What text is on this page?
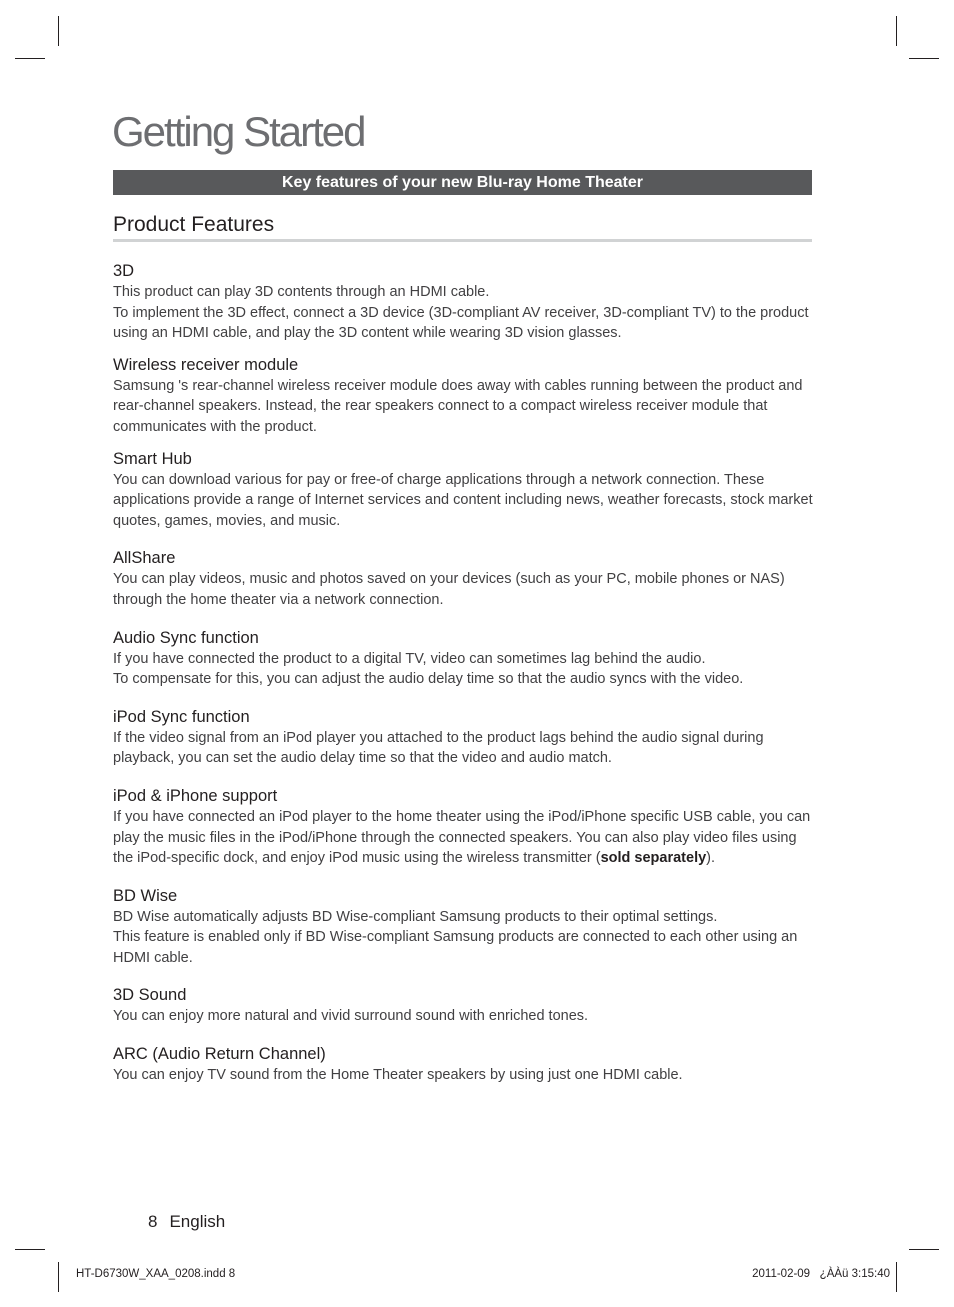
Getting Started
Key features of your new Blu-ray Home Theater
Product Features
3D

This product can play 3D contents through an HDMI cable.

To implement the 3D effect, connect a 3D device (3D-compliant AV receiver, 3D-compliant TV) to the product using an HDMI cable, and play the 3D content while wearing 3D vision glasses.

Wireless receiver module

Samsung 's rear-channel wireless receiver module does away with cables running between the product and rear-channel speakers. Instead, the rear speakers connect to a compact wireless receiver module that communicates with the product.

Smart Hub

You can download various for pay or free-of charge applications through a network connection. These applications provide a range of Internet services and content including news, weather forecasts, stock market quotes, games, movies, and music.

AllShare

You can play videos, music and photos saved on your devices (such as your PC, mobile phones or NAS) through the home theater via a network connection.

Audio Sync function

If you have connected the product to a digital TV, video can sometimes lag behind the audio.

To compensate for this, you can adjust the audio delay time so that the audio syncs with the video.

iPod Sync function

If the video signal from an iPod player you attached to the product lags behind the audio signal during playback, you can set the audio delay time so that the video and audio match.

iPod & iPhone support

If you have connected an iPod player to the home theater using the iPod/iPhone specific USB cable, you can play the music files in the iPod/iPhone through the connected speakers. You can also play video files using the iPod-specific dock, and enjoy iPod music using the wireless transmitter (sold separately).

BD Wise

BD Wise automatically adjusts BD Wise-compliant Samsung products to their optimal settings.

This feature is enabled only if BD Wise-compliant Samsung products are connected to each other using an HDMI cable.

3D Sound

You can enjoy more natural and vivid surround sound with enriched tones.

ARC (Audio Return Channel)

You can enjoy TV sound from the Home Theater speakers by using just one HDMI cable.

8 English
HT-D6730W_XAA_0208.indd 8	2011-02-09   ¿ÀÀü 3:15:40
